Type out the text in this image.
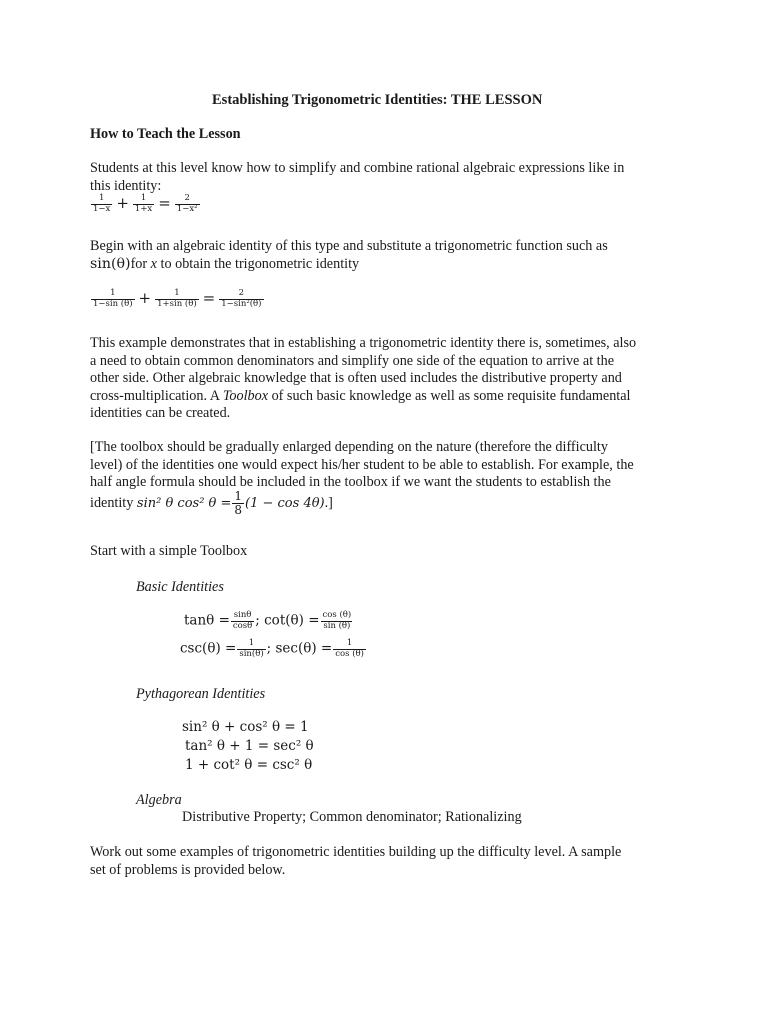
Establishing Trigonometric Identities: THE LESSON
How to Teach the Lesson
Students at this level know how to simplify and combine rational algebraic expressions like in
this identity:
$\frac{1}{1-x} + \frac{1}{1+x} = \frac{2}{\text{1−x²}}$
Begin with an algebraic identity of this type and substitute a trigonometric function such as
sin(θ)for x to obtain the trigonometric identity
$\frac{1}{1-\sin (\theta)} + \frac{1}{1+\sin (\theta)} = \frac{2}{\text{1−sin²(θ)}}$
This example demonstrates that in establishing a trigonometric identity there is, sometimes, also
a need to obtain common denominators and simplify one side of the equation to arrive at the
other side. Other algebraic knowledge that is often used includes the distributive property and
cross-multiplication. A Toolbox of such basic knowledge as well as some requisite fundamental
identities can be created.
[The toolbox should be gradually enlarged depending on the nature (therefore the difficulty
level) of the identities one would expect his/her student to be able to establish. For example, the
half angle formula should be included in the toolbox if we want the students to establish the
identity sin² θ cos² $\theta = \frac{1}{8} (1 - \cos 4\theta)$.]
Start with a simple Toolbox
Basic Identities
$\tan\theta = \frac{\sin\theta}{\cos\theta}$ ; $\cot(\theta) = \frac{\cos (\theta)}{\sin (\theta)}$
$\csc(\theta) = \frac{1}{\sin(\theta)}$ ; $\sec(\theta) = \frac{1}{\cos (\theta)}$
Pythagorean Identities
sin² θ + cos² θ = 1
tan² θ + 1 = sec² θ
1 + cot² θ = csc² θ
Algebra
Distributive Property; Common denominator; Rationalizing
Work out some examples of trigonometric identities building up the difficulty level. A sample
set of problems is provided below.
